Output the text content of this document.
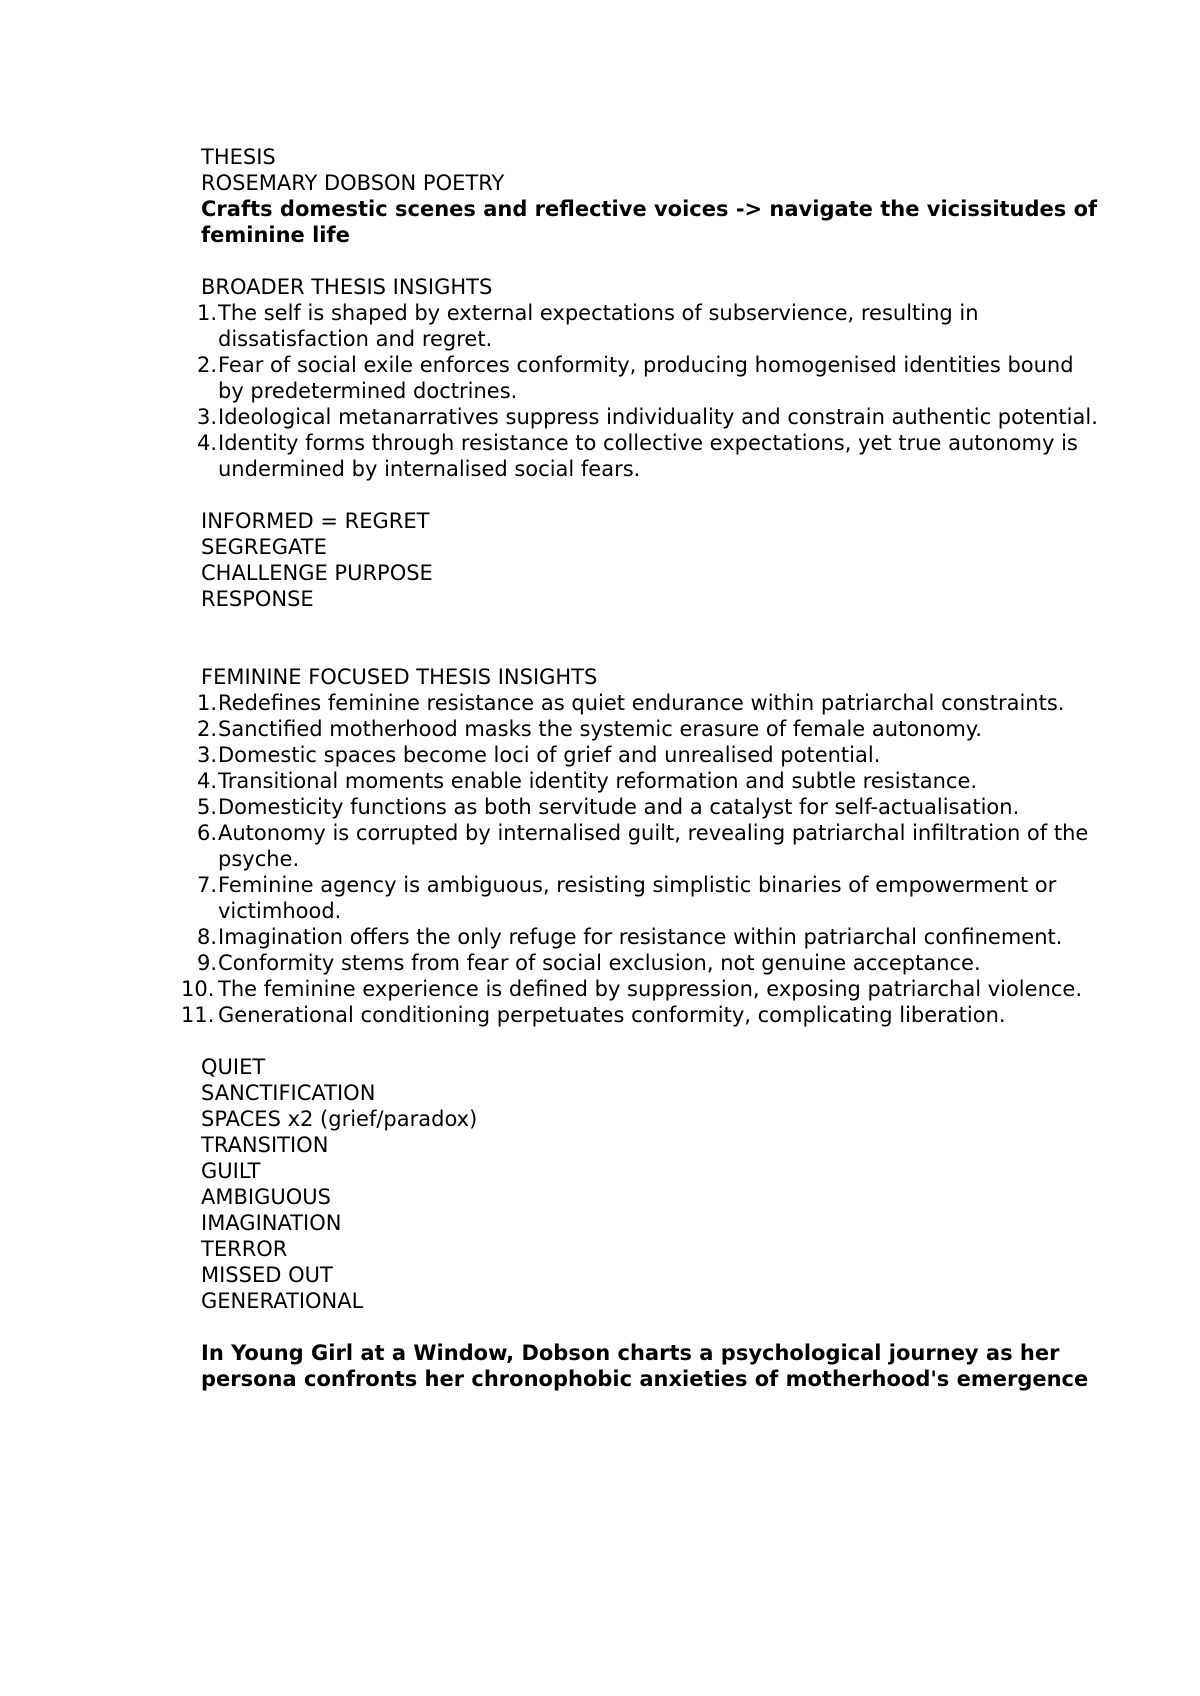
THESIS
ROSEMARY DOBSON POETRY
Crafts domestic scenes and reflective voices -> navigate the vicissitudes of feminine life
BROADER THESIS INSIGHTS
1. The self is shaped by external expectations of subservience, resulting in dissatisfaction and regret.
2. Fear of social exile enforces conformity, producing homogenised identities bound by predetermined doctrines.
3. Ideological metanarratives suppress individuality and constrain authentic potential.
4. Identity forms through resistance to collective expectations, yet true autonomy is undermined by internalised social fears.
INFORMED = REGRET
SEGREGATE
CHALLENGE PURPOSE
RESPONSE
FEMININE FOCUSED THESIS INSIGHTS
1. Redefines feminine resistance as quiet endurance within patriarchal constraints.
2. Sanctified motherhood masks the systemic erasure of female autonomy.
3. Domestic spaces become loci of grief and unrealised potential.
4. Transitional moments enable identity reformation and subtle resistance.
5. Domesticity functions as both servitude and a catalyst for self-actualisation.
6. Autonomy is corrupted by internalised guilt, revealing patriarchal infiltration of the psyche.
7. Feminine agency is ambiguous, resisting simplistic binaries of empowerment or victimhood.
8. Imagination offers the only refuge for resistance within patriarchal confinement.
9. Conformity stems from fear of social exclusion, not genuine acceptance.
10. The feminine experience is defined by suppression, exposing patriarchal violence.
11. Generational conditioning perpetuates conformity, complicating liberation.
QUIET
SANCTIFICATION
SPACES x2 (grief/paradox)
TRANSITION
GUILT
AMBIGUOUS
IMAGINATION
TERROR
MISSED OUT
GENERATIONAL
In Young Girl at a Window, Dobson charts a psychological journey as her persona confronts her chronophobic anxieties of motherhood's emergence
